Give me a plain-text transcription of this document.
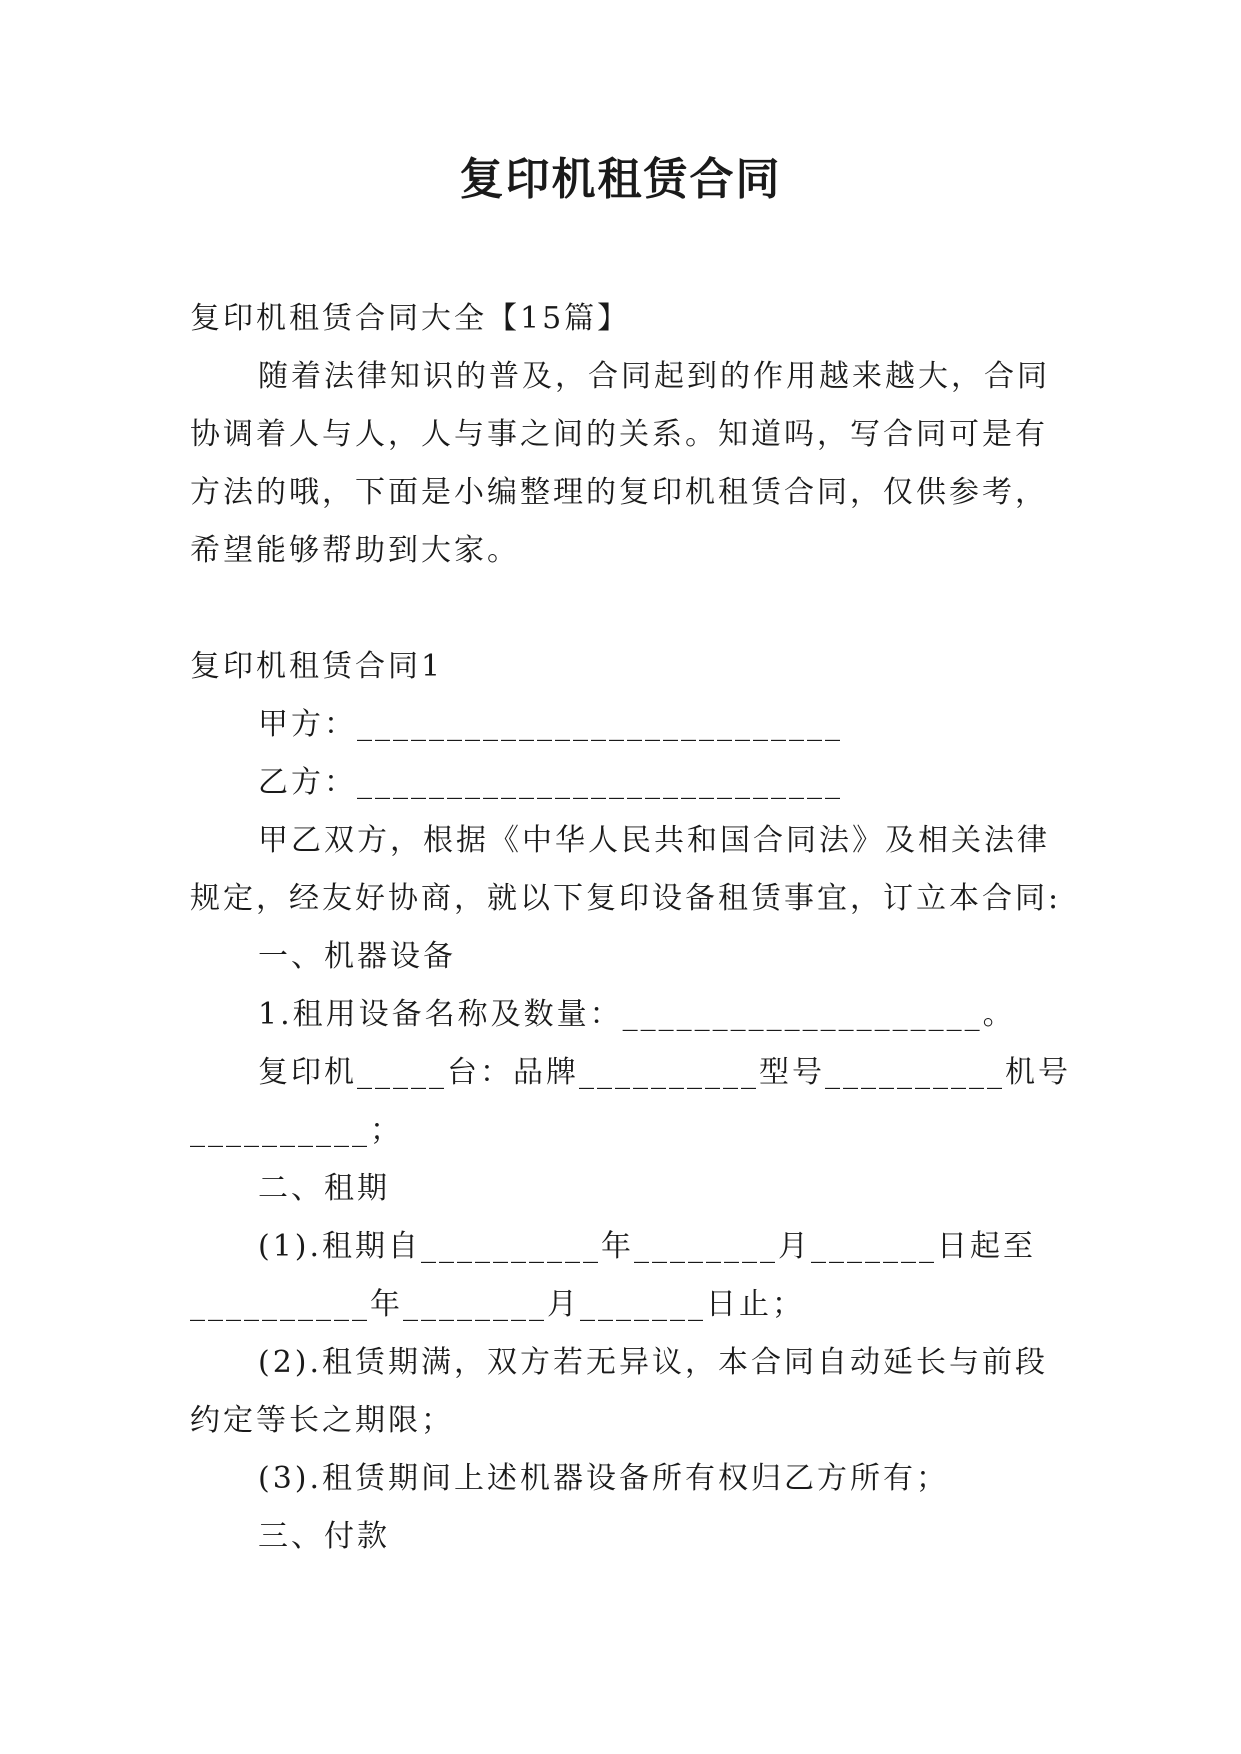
复印机租赁合同

复印机租赁合同大全【15篇】

随着法律知识的普及，合同起到的作用越来越大，合同

协调着人与人，人与事之间的关系。知道吗，写合同可是有

方法的哦，下面是小编整理的复印机租赁合同，仅供参考，

希望能够帮助到大家。

复印机租赁合同1

甲方：___________________________

乙方：___________________________

甲乙双方，根据《中华人民共和国合同法》及相关法律

规定，经友好协商，就以下复印设备租赁事宜，订立本合同:

一、机器设备

1.租用设备名称及数量：____________________。

复印机_____台：品牌__________型号__________机号

__________；

二、租期

(1).租期自__________年________月_______日起至

__________年________月_______日止；

(2).租赁期满，双方若无异议，本合同自动延长与前段

约定等长之期限；

(3).租赁期间上述机器设备所有权归乙方所有；

三、付款
